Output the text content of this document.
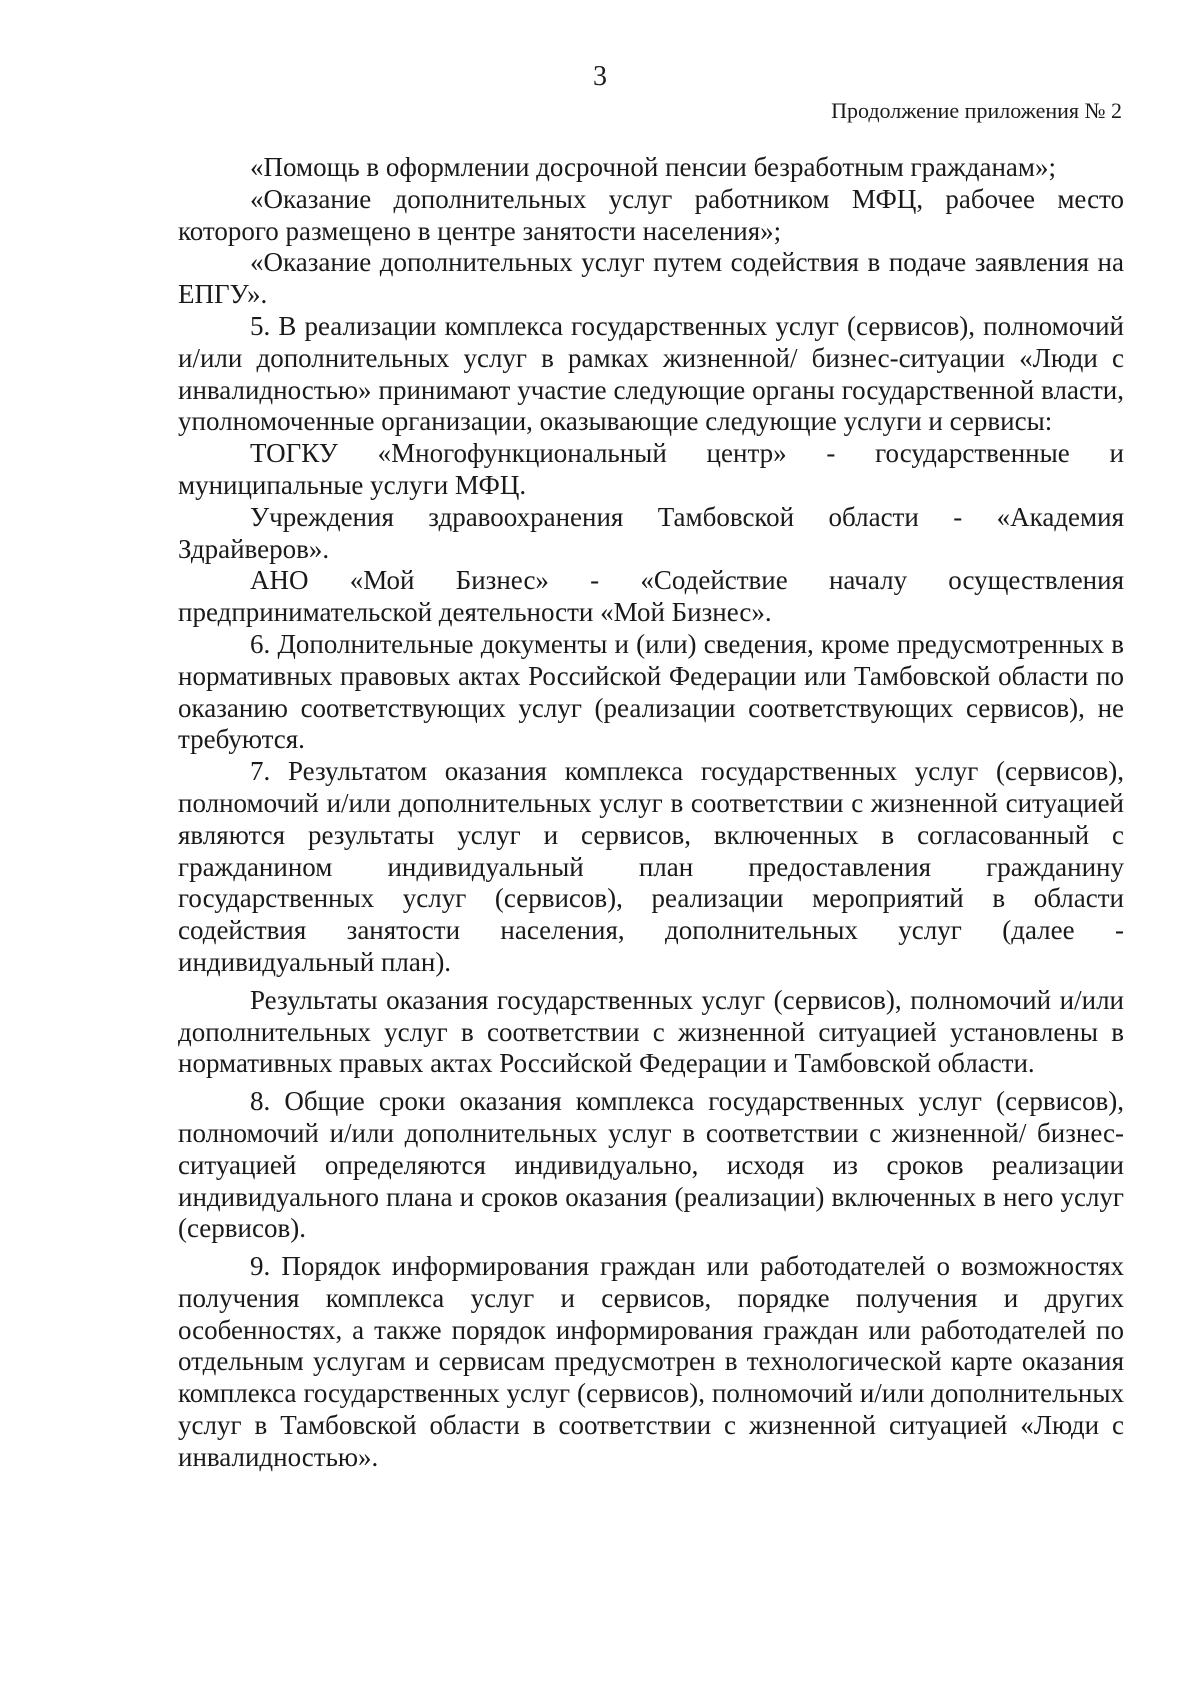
3
Продолжение приложения № 2

«Помощь в оформлении досрочной пенсии безработным гражданам»;

«Оказание дополнительных услуг работником МФЦ, рабочее место которого размещено в центре занятости населения»;

«Оказание дополнительных услуг путем содействия в подаче заявления на ЕПГУ».

5. В реализации комплекса государственных услуг (сервисов), полномочий и/или дополнительных услуг в рамках жизненной/ бизнес-ситуации «Люди с инвалидностью» принимают участие следующие органы государственной власти, уполномоченные организации, оказывающие следующие услуги и сервисы:

ТОГКУ «Многофункциональный центр» - государственные и муниципальные услуги МФЦ.

Учреждения здравоохранения Тамбовской области - «Академия Здрайверов».

АНО «Мой Бизнес» - «Содействие началу осуществления предпринимательской деятельности «Мой Бизнес».

6. Дополнительные документы и (или) сведения, кроме предусмотренных в нормативных правовых актах Российской Федерации или Тамбовской области по оказанию соответствующих услуг (реализации соответствующих сервисов), не требуются.

7. Результатом оказания комплекса государственных услуг (сервисов), полномочий и/или дополнительных услуг в соответствии с жизненной ситуацией являются результаты услуг и сервисов, включенных в согласованный с гражданином индивидуальный план предоставления гражданину государственных услуг (сервисов), реализации мероприятий в области содействия занятости населения, дополнительных услуг (далее - индивидуальный план).

Результаты оказания государственных услуг (сервисов), полномочий и/или дополнительных услуг в соответствии с жизненной ситуацией установлены в нормативных правых актах Российской Федерации и Тамбовской области.

8. Общие сроки оказания комплекса государственных услуг (сервисов), полномочий и/или дополнительных услуг в соответствии с жизненной/ бизнес-ситуацией определяются индивидуально, исходя из сроков реализации индивидуального плана и сроков оказания (реализации) включенных в него услуг (сервисов).

9. Порядок информирования граждан или работодателей о возможностях получения комплекса услуг и сервисов, порядке получения и других особенностях, а также порядок информирования граждан или работодателей по отдельным услугам и сервисам предусмотрен в технологической карте оказания комплекса государственных услуг (сервисов), полномочий и/или дополнительных услуг в Тамбовской области в соответствии с жизненной ситуацией «Люди с инвалидностью».
